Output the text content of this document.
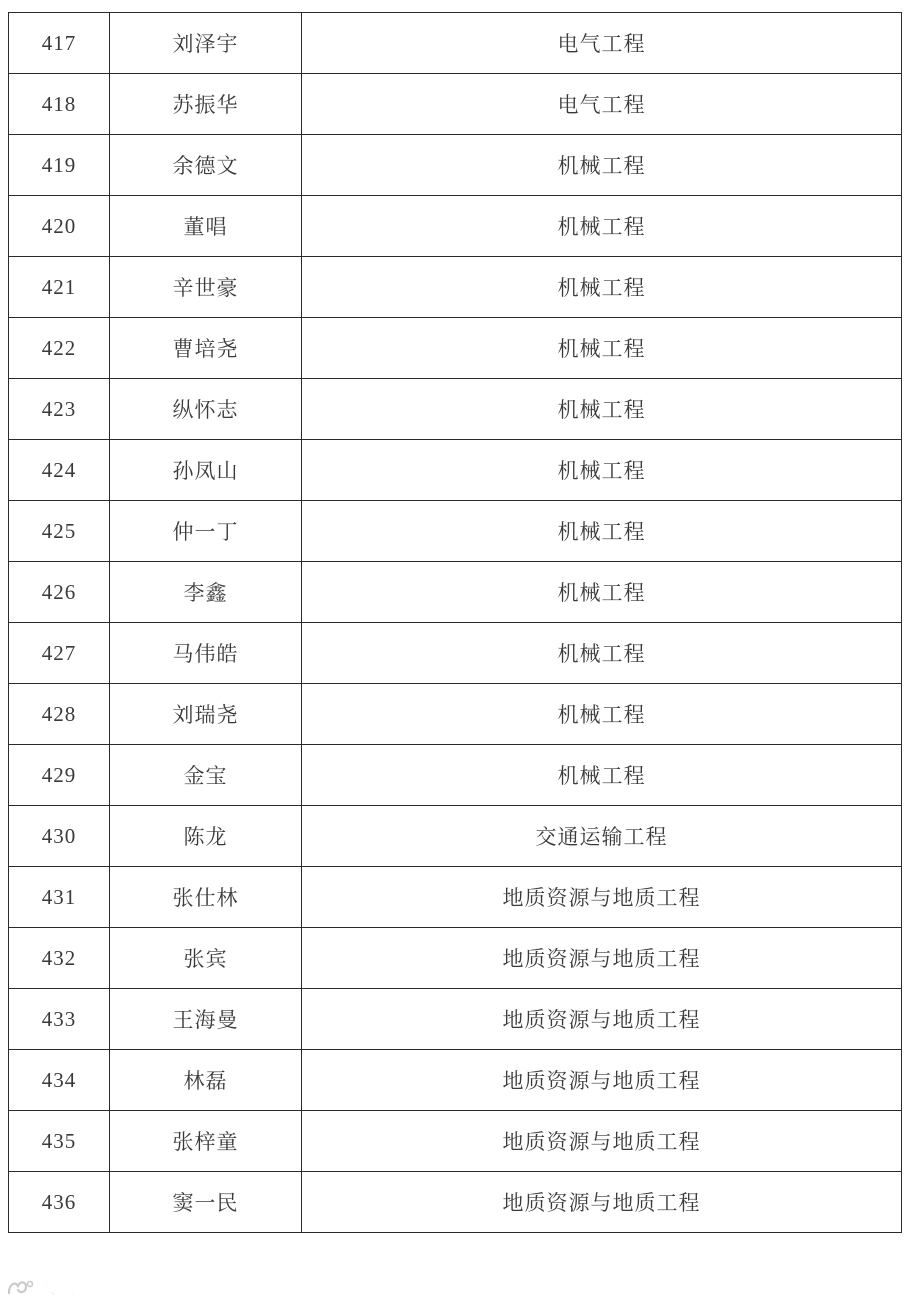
417	刘泽宇	电气工程
418	苏振华	电气工程
419	余德文	机械工程
420	董唱	机械工程
421	辛世豪	机械工程
422	曹培尧	机械工程
423	纵怀志	机械工程
424	孙凤山	机械工程
425	仲一丁	机械工程
426	李鑫	机械工程
427	马伟皓	机械工程
428	刘瑞尧	机械工程
429	金宝	机械工程
430	陈龙	交通运输工程
431	张仕林	地质资源与地质工程
432	张宾	地质资源与地质工程
433	王海曼	地质资源与地质工程
434	林磊	地质资源与地质工程
435	张梓童	地质资源与地质工程
436	窦一民	地质资源与地质工程
大数跨境
